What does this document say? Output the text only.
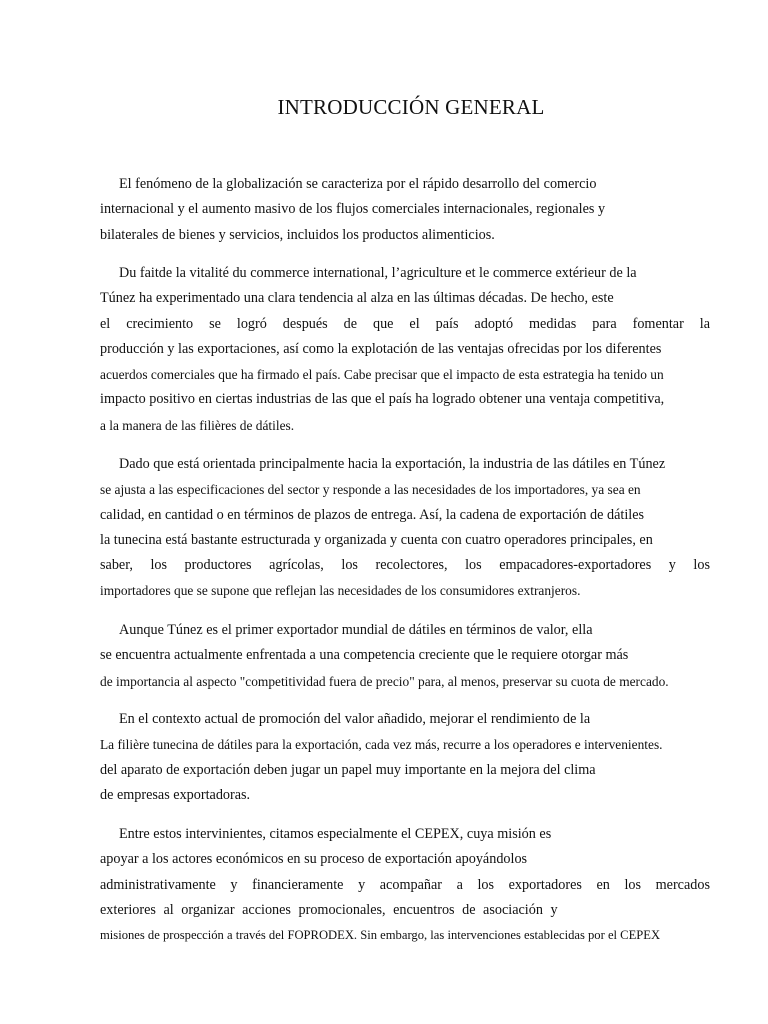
INTRODUCCIÓN GENERAL
El fenómeno de la globalización se caracteriza por el rápido desarrollo del comercio
internacional y el aumento masivo de los flujos comerciales internacionales, regionales y
bilaterales de bienes y servicios, incluidos los productos alimenticios.
Du faitde la vitalité du commerce international, l’agriculture et le commerce extérieur de la
Túnez ha experimentado una clara tendencia al alza en las últimas décadas. De hecho, este
el crecimiento se logró después de que el país adoptó medidas para fomentar la
producción y las exportaciones, así como la explotación de las ventajas ofrecidas por los diferentes
acuerdos comerciales que ha firmado el país. Cabe precisar que el impacto de esta estrategia ha tenido un
impacto positivo en ciertas industrias de las que el país ha logrado obtener una ventaja competitiva,
a la manera de las filières de dátiles.
Dado que está orientada principalmente hacia la exportación, la industria de las dátiles en Túnez
se ajusta a las especificaciones del sector y responde a las necesidades de los importadores, ya sea en
calidad, en cantidad o en términos de plazos de entrega. Así, la cadena de exportación de dátiles
la tunecina está bastante estructurada y organizada y cuenta con cuatro operadores principales, en
saber, los productores agrícolas, los recolectores, los empacadores-exportadores y los
importadores que se supone que reflejan las necesidades de los consumidores extranjeros.
Aunque Túnez es el primer exportador mundial de dátiles en términos de valor, ella
se encuentra actualmente enfrentada a una competencia creciente que le requiere otorgar más
de importancia al aspecto "competitividad fuera de precio" para, al menos, preservar su cuota de mercado.
En el contexto actual de promoción del valor añadido, mejorar el rendimiento de la
La filière tunecina de dátiles para la exportación, cada vez más, recurre a los operadores e intervenientes.
del aparato de exportación deben jugar un papel muy importante en la mejora del clima
de empresas exportadoras.
Entre estos intervinientes, citamos especialmente el CEPEX, cuya misión es
apoyar a los actores económicos en su proceso de exportación apoyándolos
administrativamente y financieramente y acompañar a los exportadores en los mercados
exteriores al organizar acciones promocionales, encuentros de asociación y
misiones de prospección a través del FOPRODEX. Sin embargo, las intervenciones establecidas por el CEPEX
